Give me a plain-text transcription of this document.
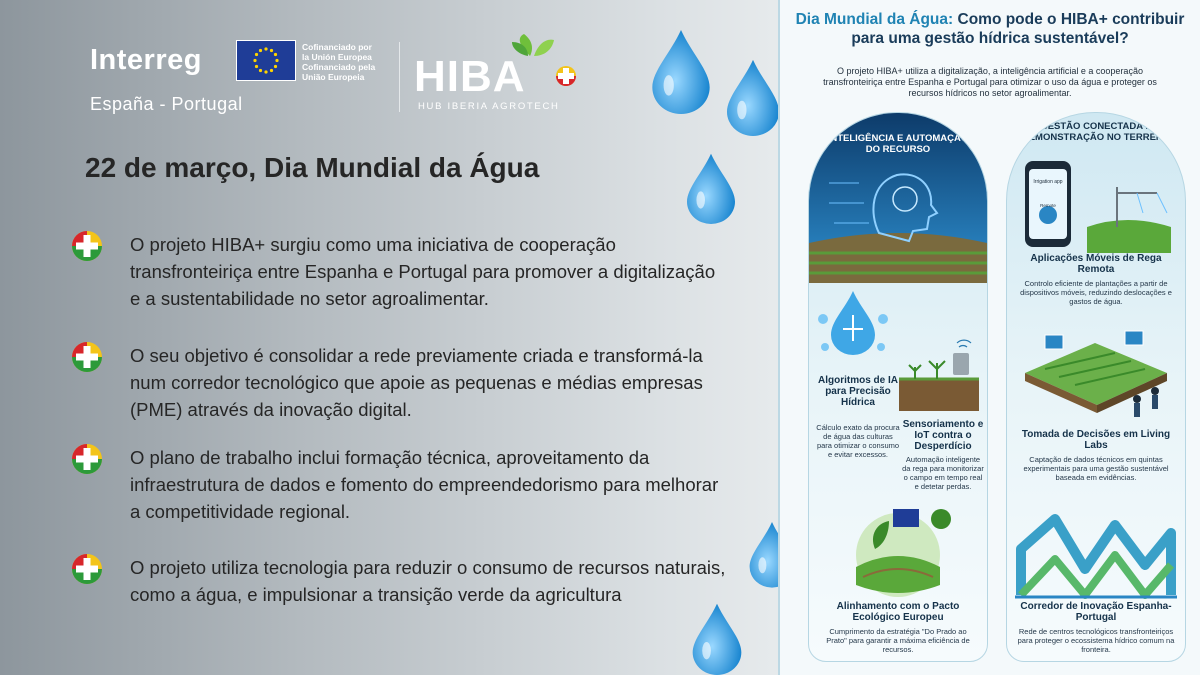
Interreg
España - Portugal
Cofinanciado por
la Unión Europea
Cofinanciado pela
União Europeia HIBA
HUB IBERIA AGROTECH
22 de março, Dia Mundial da Água
O projeto HIBA+ surgiu como uma iniciativa de cooperação transfronteiriça entre Espanha e Portugal para promover a digitalização e a sustentabilidade no setor agroalimentar.
O seu objetivo é consolidar a rede previamente criada e transformá-la num corredor tecnológico que apoie as pequenas e médias empresas (PME) através da inovação digital.
O plano de trabalho inclui formação técnica, aproveitamento da infraestrutura de dados e fomento do empreendedorismo para melhorar a competitividade regional.
O projeto utiliza tecnologia para reduzir o consumo de recursos naturais, como a água, e impulsionar a transição verde da agricultura
Dia Mundial da Água: Como pode o HIBA+ contribuir para uma gestão hídrica sustentável?
O projeto HIBA+ utiliza a digitalização, a inteligência artificial e a cooperação transfronteiriça entre Espanha e Portugal para otimizar o uso da água e proteger os recursos hídricos no setor agroalimentar.
INTELIGÊNCIA E AUTOMAÇÃO DO RECURSO
Algoritmos de IA para Precisão Hídrica
Cálculo exato da procura de água das culturas para otimizar o consumo e evitar excessos.
Sensoriamento e IoT contra o Desperdício
Automação inteligente da rega para monitorizar o campo em tempo real e detetar perdas.
Alinhamento com o Pacto Ecológico Europeu
Cumprimento da estratégia "Do Prado ao Prato" para garantir a máxima eficiência de recursos.
GESTÃO CONECTADA E DEMONSTRAÇÃO NO TERRENO
Irrigation app
Remote
Aplicações Móveis de Rega Remota
Controlo eficiente de plantações a partir de dispositivos móveis, reduzindo deslocações e gastos de água.
Tomada de Decisões em Living Labs
Captação de dados técnicos em quintas experimentais para uma gestão sustentável baseada em evidências.
Corredor de Inovação Espanha-Portugal
Rede de centros tecnológicos transfronteiriços para proteger o ecossistema hídrico comum na fronteira.
